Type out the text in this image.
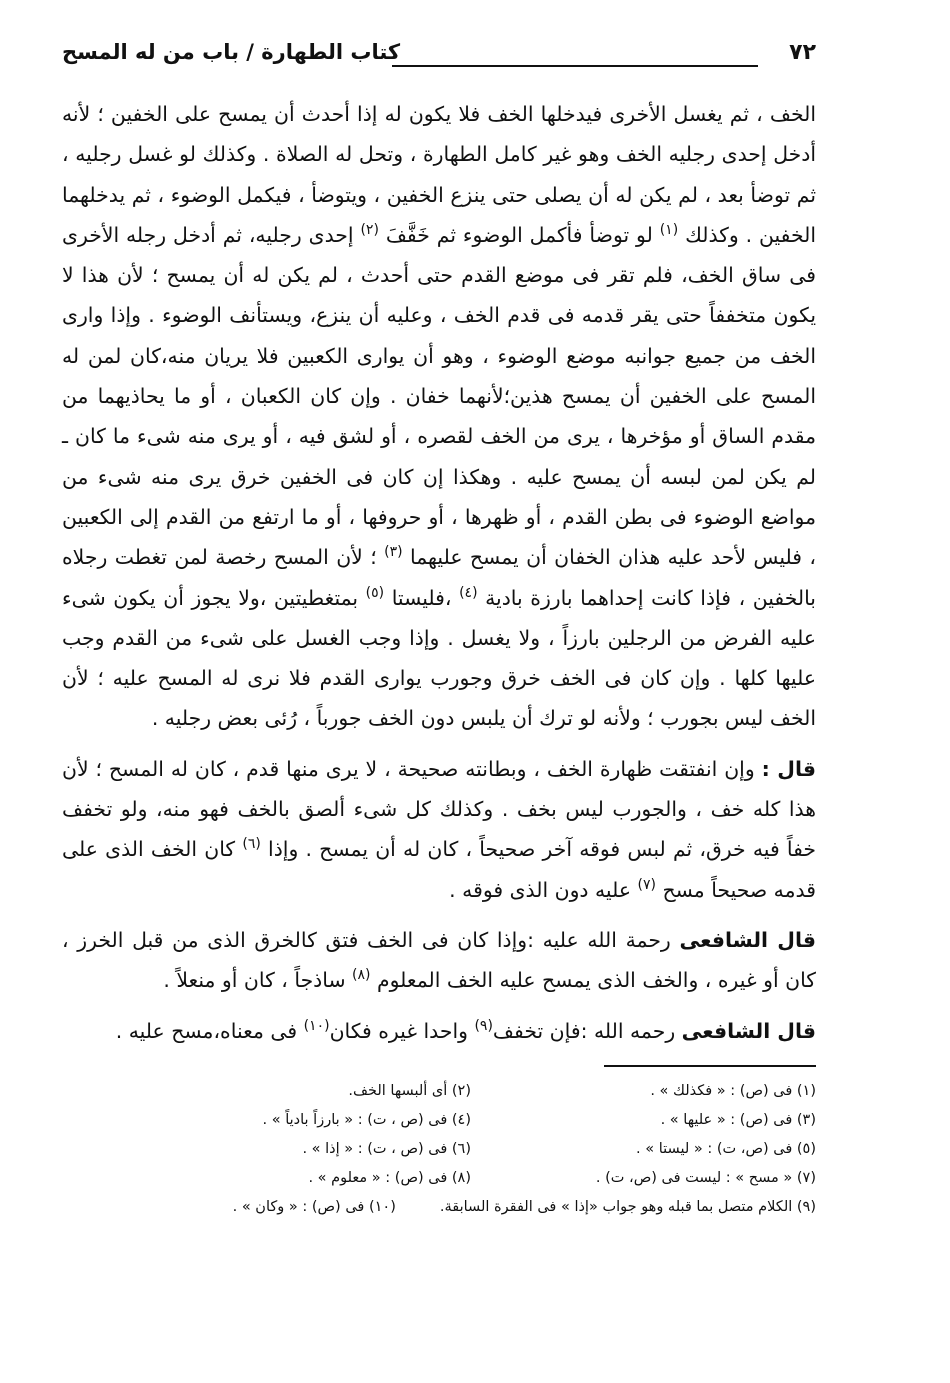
٧٢
كتاب الطهارة / باب من له المسح

الخف ، ثم يغسل الأخرى فيدخلها الخف فلا يكون له إذا أحدث أن يمسح على الخفين ؛ لأنه أدخل إحدى رجليه الخف وهو غير كامل الطهارة ، وتحل له الصلاة . وكذلك لو غسل رجليه ، ثم توضأ بعد ، لم يكن له أن يصلى حتى ينزع الخفين ، ويتوضأ ، فيكمل الوضوء ، ثم يدخلهما الخفين . وكذلك $^{(١)}$ لو توضأ فأكمل الوضوء ثم خَفَّفَ $^{(٢)}$ إحدى رجليه، ثم أدخل رجله الأخرى فى ساق الخف، فلم تقر فى موضع القدم حتى أحدث ، لم يكن له أن يمسح ؛ لأن هذا لا يكون متخففاً حتى يقر قدمه فى قدم الخف ، وعليه أن ينزع، ويستأنف الوضوء . وإذا وارى الخف من جميع جوانبه موضع الوضوء ، وهو أن يوارى الكعبين فلا يريان منه،كان لمن له المسح على الخفين أن يمسح هذين؛لأنهما خفان . وإن كان الكعبان ، أو ما يحاذيهما من مقدم الساق أو مؤخرها ، يرى من الخف لقصره ، أو لشق فيه ، أو يرى منه شىء ما كان ـ لم يكن لمن لبسه أن يمسح عليه . وهكذا إن كان فى الخفين خرق يرى منه شىء من مواضع الوضوء فى بطن القدم ، أو ظهرها ، أو حروفها ، أو ما ارتفع من القدم إلى الكعبين ، فليس لأحد عليه هذان الخفان أن يمسح عليهما $^{(٣)}$ ؛ لأن المسح رخصة لمن تغطت رجلاه بالخفين ، فإذا كانت إحداهما بارزة بادية $^{(٤)}$ ،فليستا $^{(٥)}$ بمتغطيتين ،ولا يجوز أن يكون شىء عليه الفرض من الرجلين بارزاً ، ولا يغسل . وإذا وجب الغسل على شىء من القدم وجب عليها كلها . وإن كان فى الخف خرق وجورب يوارى القدم فلا نرى له المسح عليه ؛ لأن الخف ليس بجورب ؛ ولأنه لو ترك أن يلبس دون الخف جورباً ، رُئى بعض رجليه .

قال : وإن انفتقت ظهارة الخف ، وبطانته صحيحة ، لا يرى منها قدم ، كان له المسح ؛ لأن هذا كله خف ، والجورب ليس بخف . وكذلك كل شىء ألصق بالخف فهو منه، ولو تخفف خفاً فيه خرق، ثم لبس فوقه آخر صحيحاً ، كان له أن يمسح . وإذا $^{(٦)}$ كان الخف الذى على قدمه صحيحاً مسح $^{(٧)}$ عليه دون الذى فوقه .

قال الشافعى رحمة الله عليه :وإذا كان فى الخف فتق كالخرق الذى من قبل الخرز ، كان أو غيره ، والخف الذى يمسح عليه الخف المعلوم $^{(٨)}$ ساذجاً ، كان أو منعلاً .

قال الشافعى رحمه الله :فإن تخفف$^{(٩)}$ واحدا غيره فكان$^{(١٠)}$ فى معناه،مسح عليه .

(١) فى (ص) : « فكذلك » .
(٢) أى ألبسها الخف.
(٣) فى (ص) : « عليها » .
(٤) فى (ص ، ت) : « بارزاً بادياً » .
(٥) فى (ص، ت) : « ليستا » .
(٦) فى (ص ، ت) : « إذا » .
(٧) « مسح » : ليست فى (ص، ت) .
(٨) فى (ص) : « معلوم » .
(٩) الكلام متصل بما قبله وهو جواب «إذا » فى الفقرة السابقة.(١٠) فى (ص) : « وكان » .
